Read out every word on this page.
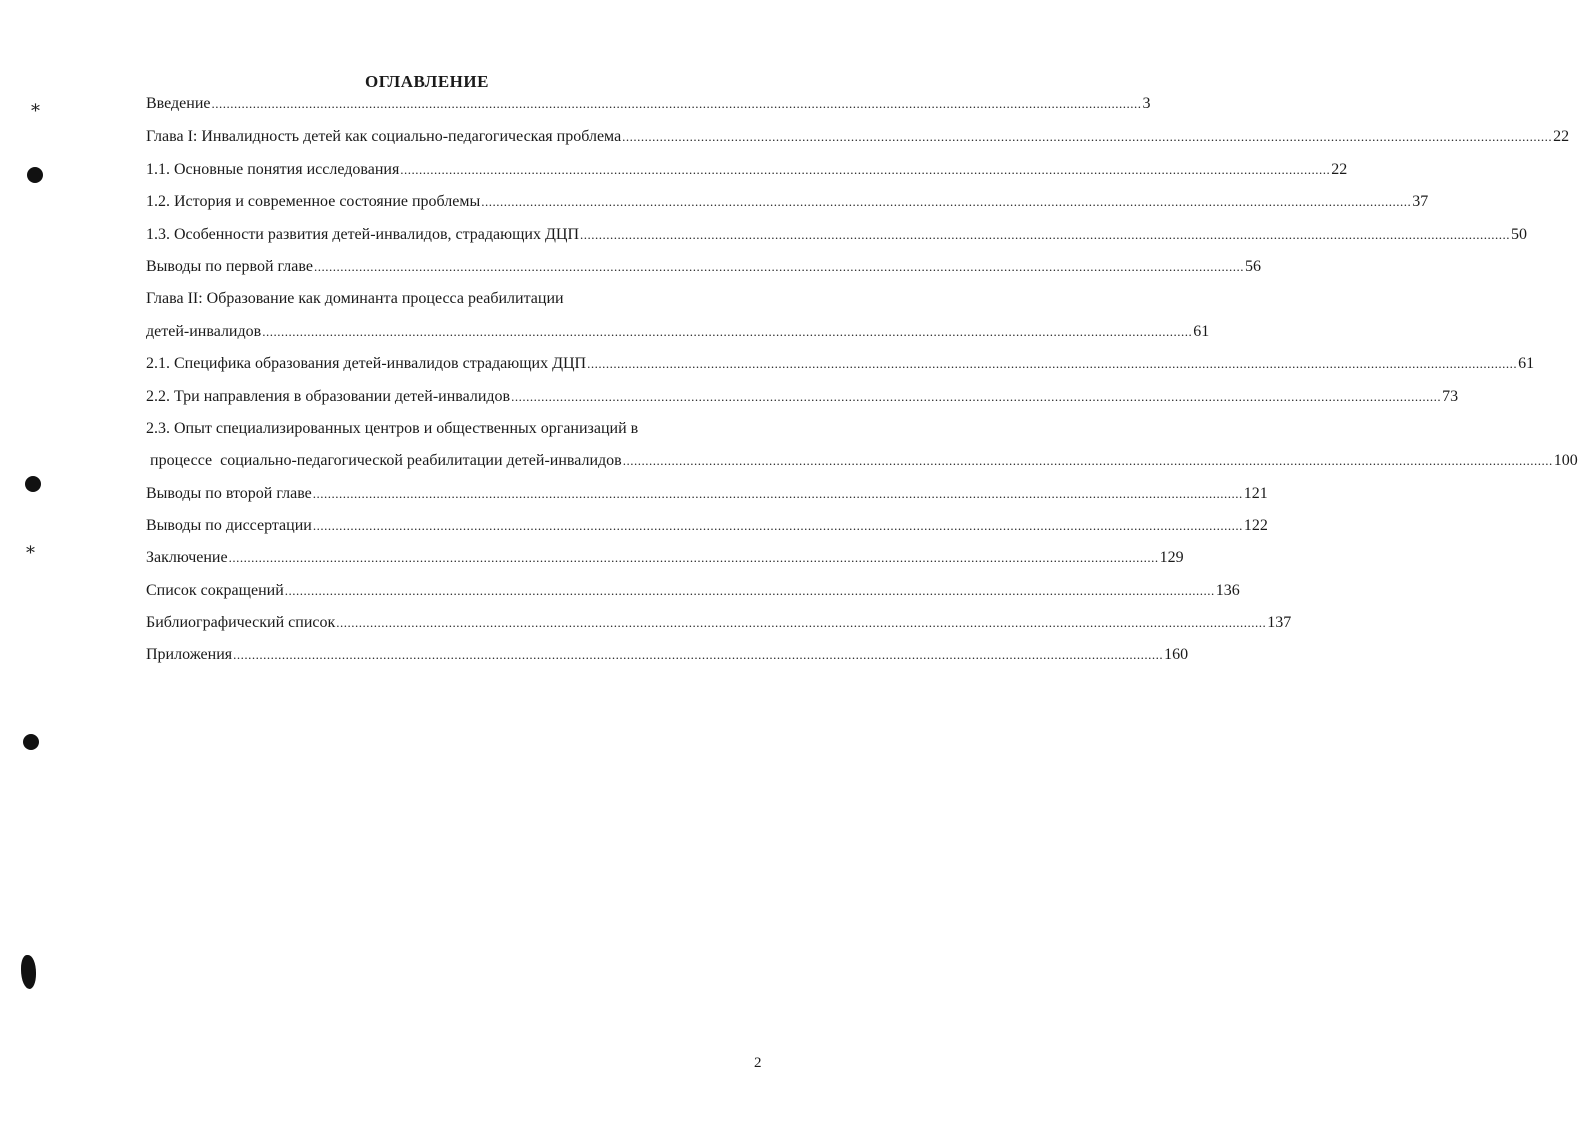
⁎
⁎
ОГЛАВЛЕНИЕ
Введение ........................................................................................................................................................................................................................................................ 3
Глава I: Инвалидность детей как социально-педагогическая проблема ........................................................................................................................................................................................................................................................ 22
1.1. Основные понятия исследования ........................................................................................................................................................................................................................................................ 22
1.2. История и современное состояние проблемы ........................................................................................................................................................................................................................................................ 37
1.3. Особенности развития детей-инвалидов, страдающих ДЦП ........................................................................................................................................................................................................................................................ 50
Выводы по первой главе ........................................................................................................................................................................................................................................................ 56
Глава II: Образование как доминанта процесса реабилитации
детей-инвалидов ........................................................................................................................................................................................................................................................ 61
2.1. Специфика образования детей-инвалидов страдающих ДЦП ........................................................................................................................................................................................................................................................ 61
2.2. Три направления в образовании детей-инвалидов ........................................................................................................................................................................................................................................................ 73
2.3. Опыт специализированных центров и общественных организаций в
процессе  социально-педагогической реабилитации детей-инвалидов ........................................................................................................................................................................................................................................................ 100
Выводы по второй главе ........................................................................................................................................................................................................................................................ 121
Выводы по диссертации ........................................................................................................................................................................................................................................................ 122
Заключение ........................................................................................................................................................................................................................................................ 129
Список сокращений ........................................................................................................................................................................................................................................................ 136
Библиографический список ........................................................................................................................................................................................................................................................ 137
Приложения ........................................................................................................................................................................................................................................................ 160
2
